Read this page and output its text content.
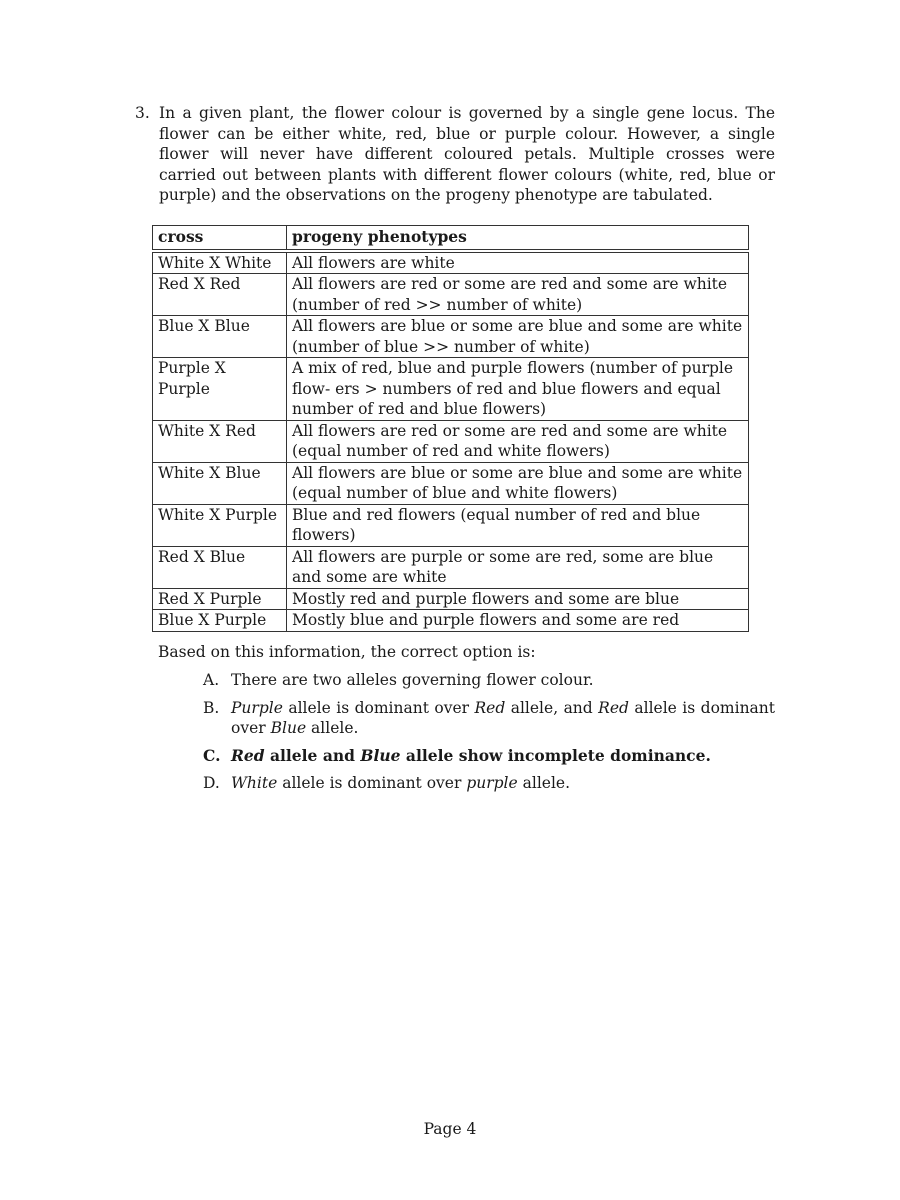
3. In a given plant, the flower colour is governed by a single gene locus. The flower can be either white, red, blue or purple colour. However, a single flower will never have different coloured petals. Multiple crosses were carried out between plants with different flower colours (white, red, blue or purple) and the observations on the progeny phenotype are tabulated.
cross	progeny phenotypes

White X White	All flowers are white
Red X Red	All flowers are red or some are red and some are white (number of red >> number of white)
Blue X Blue	All flowers are blue or some are blue and some are white (number of blue >> number of white)
Purple X Purple	A mix of red, blue and purple flowers (number of purple flow- ers > numbers of red and blue flowers and equal number of red and blue flowers)
White X Red	All flowers are red or some are red and some are white (equal number of red and white flowers)
White X Blue	All flowers are blue or some are blue and some are white (equal number of blue and white flowers)
White X Purple	Blue and red flowers (equal number of red and blue flowers)
Red X Blue	All flowers are purple or some are red, some are blue and some are white
Red X Purple	Mostly red and purple flowers and some are blue
Blue X Purple	Mostly blue and purple flowers and some are red
Based on this information, the correct option is:
A. There are two alleles governing flower colour.
B. Purple allele is dominant over Red allele, and Red allele is dominant over Blue allele.
C. Red allele and Blue allele show incomplete dominance.
D. White allele is dominant over purple allele.
Page 4
